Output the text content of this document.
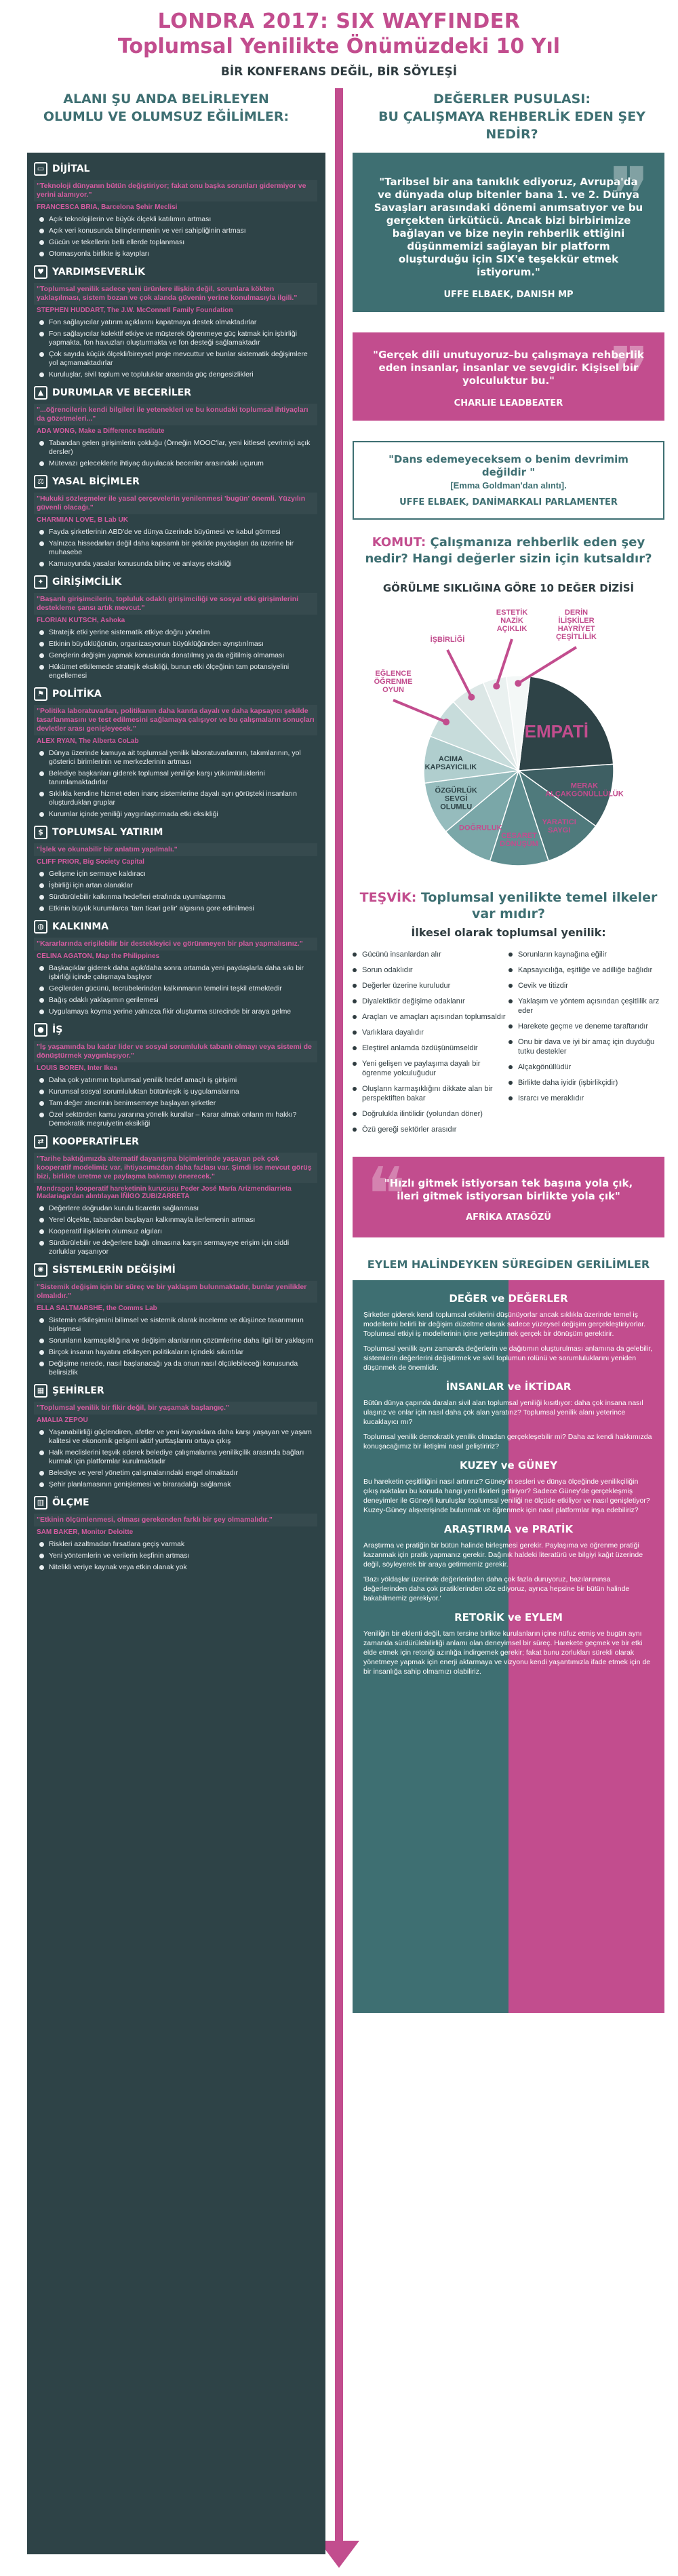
LONDRA 2017: SIX WAYFINDER
Toplumsal Yenilikte Önümüzdeki 10 Yıl
BİR KONFERANS DEĞİL, BİR SÖYLEŞİ
ALANI ŞU ANDA BELİRLEYEN
OLUMLU VE OLUMSUZ EĞİLİMLER:
DEĞERLER PUSULASI:
BU ÇALIŞMAYA REHBERLİK EDEN ŞEY NEDİR?
▭ DİJİTAL
"Teknoloji dünyanın bütün değiştiriyor; fakat onu başka sorunları gidermiyor ve yerini alamıyor."
FRANCESCA BRIA, Barcelona Şehir Meclisi
Açık teknolojilerin ve büyük ölçekli katılımın artması
Açık veri konusunda bilinçlenmenin ve veri sahipliğinin artması
Gücün ve tekellerin belli ellerde toplanması
Otomasyonla birlikte iş kayıpları
♥ YARDIMSEVERLİK
"Toplumsal yenilik sadece yeni ürünlere ilişkin değil, sorunlara kökten yaklaşılması, sistem bozan ve çok alanda güvenin yerine konulmasıyla ilgili."
STEPHEN HUDDART, The J.W. McConnell Family Foundation
Fon sağlayıcılar yatırım açıklarını kapatmaya destek olmaktadırlar
Fon sağlayıcılar kolektif etkiye ve müşterek öğrenmeye güç katmak için işbirliği yapmakta, fon havuzları oluşturmakta ve fon desteği sağlamaktadır
Çok sayıda küçük ölçekli/bireysel proje mevcuttur ve bunlar sistematik değişimlere yol açmamaktadırlar
Kuruluşlar, sivil toplum ve topluluklar arasında güç dengesizlikleri
▲ DURUMLAR VE BECERİLER
"...öğrencilerin kendi bilgileri ile yetenekleri ve bu konudaki toplumsal ihtiyaçları da gözetmeleri..."
ADA WONG, Make a Difference Institute
Tabandan gelen girişimlerin çokluğu (Örneğin MOOC'lar, yeni kitlesel çevrimiçi açık dersler)
Mütevazı geleceklerle ihtiyaç duyulacak beceriler arasındaki uçurum
⚖ YASAL BİÇİMLER
"Hukuki sözleşmeler ile yasal çerçevelerin yenilenmesi 'bugün' önemli. Yüzyılın güvenli olacağı."
CHARMIAN LOVE, B Lab UK
Fayda şirketlerinin ABD'de ve dünya üzerinde büyümesi ve kabul görmesi
Yalnızca hissedarları değil daha kapsamlı bir şekilde paydaşları da üzerine bir muhasebe
Kamuoyunda yasalar konusunda bilinç ve anlayış eksikliği
✦ GİRİŞİMCİLİK
"Başarılı girişimcilerin, topluluk odaklı girişimciliği ve sosyal etki girişimlerini destekleme şansı artık mevcut."
FLORIAN KUTSCH, Ashoka
Stratejik etki yerine sistematik etkiye doğru yönelim
Etkinin büyüklüğünün, organizasyonun büyüklüğünden ayrıştırılması
Gençlerin değişim yapmak konusunda donatılmış ya da eğitilmiş olmaması
Hükümet etkilemede stratejik eksikliği, bunun etki ölçeğinin tam potansiyelini engellemesi
⚑ POLİTİKA
"Politika laboratuvarları, politikanın daha kanıta dayalı ve daha kapsayıcı şekilde tasarlanmasını ve test edilmesini sağlamaya çalışıyor ve bu çalışmaların sonuçları devletler arası genişleyecek."
ALEX RYAN, The Alberta CoLab
Dünya üzerinde kamuya ait toplumsal yenilik laboratuvarlarının, takımlarının, yol gösterici birimlerinin ve merkezlerinin artması
Belediye başkanları giderek toplumsal yeniliğe karşı yükümlülüklerini tanımlamaktadırlar
Sıklıkla kendine hizmet eden inanç sistemlerine dayalı ayrı görüşteki insanların oluşturduklan gruplar
Kurumlar içinde yeniliği yaygınlaştırmada etki eksikliği
$ TOPLUMSAL YATIRIM
"İşlek ve okunabilir bir anlatım yapılmalı."
CLIFF PRIOR, Big Society Capital
Gelişme için sermaye kaldıracı
İşbirliği için artan olanaklar
Sürdürülebilir kalkınma hedefleri etrafında uyumlaştırma
Etkinin büyük kurumlarca 'tam ticari gelir' algısına gore edinilmesi
◍ KALKINMA
"Kararlarında erişilebilir bir destekleyici ve görünmeyen bir plan yapmalısınız."
CELINA AGATON, Map the Philippines
Başkaçıklar giderek daha açık/daha sonra ortamda yeni paydaşlarla daha sıkı bir işbirliği içinde çalışmaya başlıyor
Geçilerden gücünü, tecrübelerinden kalkınmanın temelini teşkil etmektedir
Bağış odaklı yaklaşımın gerilemesi
Uygulamaya koyma yerine yalnızca fikir oluşturma sürecinde bir araya gelme
● İŞ
"İş yaşamında bu kadar lider ve sosyal sorumluluk tabanlı olmayı veya sistemi de dönüştürmek yaygınlaşıyor."
LOUIS BOREN, Inter Ikea
Daha çok yatırımın toplumsal yenilik hedef amaçlı iş girişimi
Kurumsal sosyal sorumluluktan bütünleşik iş uygulamalarına
Tam değer zincirinin benimsemeye başlayan şirketler
Özel sektörden kamu yararına yönelik kurallar – Karar almak onların mı hakkı? Demokratik meşruiyetin eksikliği
⇄ KOOPERATİFLER
"Tarihe baktığımızda alternatif dayanışma biçimlerinde yaşayan pek çok kooperatif modelimiz var, ihtiyacımızdan daha fazlası var. Şimdi ise mevcut görüş bizi, birlikte üretme ve paylaşma bakmayı önerecek."
Mondragon kooperatif hareketinin kurucusu Peder José María Arizmendiarrieta Madariaga'dan alıntılayan İÑİGO ZUBIZARRETA
Değerlere doğrudan kurulu ticaretin sağlanması
Yerel ölçekte, tabandan başlayan kalkınmayla ilerlemenin artması
Kooperatif ilişkilerin olumsuz algıları
Sürdürülebilir ve değerlere bağlı olmasına karşın sermayeye erişim için ciddi zorluklar yaşanıyor
✺ SİSTEMLERİN DEĞİŞİMİ
"Sistemik değişim için bir süreç ve bir yaklaşım bulunmaktadır, bunlar yenilikler olmalıdır."
ELLA SALTMARSHE, the Comms Lab
Sistemin etkileşimini bilimsel ve sistemik olarak inceleme ve düşünce tasarımının birleşmesi
Sorunların karmaşıklığına ve değişim alanlarının çözümlerine daha ilgili bir yaklaşım
Birçok insanın hayatını etkileyen politikaların içindeki sıkıntılar
Değişime nerede, nasıl başlanacağı ya da onun nasıl ölçülebileceği konusunda belirsizlik
▦ ŞEHİRLER
"Toplumsal yenilik bir fikir değil, bir yaşamak başlangıç."
AMALIA ZEPOU
Yaşanabilirliği güçlendiren, afetler ve yeni kaynaklara daha karşı yaşayan ve yaşam kalitesi ve ekonomik gelişimi aktif yurttaşlarını ortaya çıkış
Halk meclislerini teşvik ederek belediye çalışmalarına yenilikçilik arasında bağları kurmak için platformlar kurulmaktadır
Belediye ve yerel yönetim çalışmalarındaki engel olmaktadır
Şehir planlamasının genişlemesi ve biraradalığı sağlamak
▥ ÖLÇME
"Etkinin ölçümlenmesi, olması gerekenden farklı bir şey olmamalıdır."
SAM BAKER, Monitor Deloitte
Riskleri azaltmadan fırsatlara geçiş varmak
Yeni yöntemlerin ve verilerin keşfinin artması
Nitelikli veriye kaynak veya etkin olanak yok
❞
"Taribsel bir ana tanıklık ediyoruz, Avrupa'da ve dünyada olup bitenler bana 1. ve 2. Dünya Savaşları arasındaki dönemi anımsatıyor ve bu gerçekten ürkütücü. Ancak bizi birbirimize bağlayan ve bize neyin rehberlik ettiğini düşünmemizi sağlayan bir platform oluşturduğu için SIX'e teşekkür etmek istiyorum."
UFFE ELBAEK, DANISH MP
❞
"Gerçek dili unutuyoruz–bu çalışmaya rehberlik eden insanlar, insanlar ve sevgidir. Kişisel bir yolculuktur bu."
CHARLIE LEADBEATER
"Dans edemeyeceksem o benim devrimim değildir "
[Emma Goldman'dan alıntı].
UFFE ELBAEK, DANİMARKALI PARLAMENTER
KOMUT: Çalışmanıza rehberlik eden şey nedir? Hangi değerler sizin için kutsaldır?
GÖRÜLME SIKLIĞINA GÖRE 10 DEĞER DİZİSİ
EMPATİ
MERAK ALÇAKGÖNÜLLÜLÜK
YARATICI SAYGI
CESARET DÖNÜŞÜM
DOĞRULUK
ÖZGÜRLÜK SEVGİ OLUMLU
ACIMA KAPSAYICILIK
EĞLENCE ÖĞRENME OYUN
İŞBİRLİĞİ
ESTETİK NAZİK AÇIKLIK
DERİN İLİŞKİLER HAYRİYET ÇEŞİTLİLİK
TEŞVİK: Toplumsal yenilikte temel ilkeler var mıdır?
İlkesel olarak toplumsal yenilik:
Gücünü insanlardan alır
Sorun odaklıdır
Değerler üzerine kuruludur
Diyalektiktir değişime odaklanır
Araçları ve amaçları açısından toplumsaldır
Varlıklara dayalıdır
Eleştirel anlamda özdüşünümseldir
Yeni gelişen ve paylaşıma dayalı bir ögrenme yolculuğudur
Oluşların karmaşıklığını dikkate alan bir perspektiften bakar
Doğrulukla ilintilidir (yolundan döner)
Özü gereği sektörler arasıdır
Sorunların kaynağına eğilir
Kapsayıcılığa, eşitliğe ve adilliğe bağlıdır
Cevik ve titizdir
Yaklaşım ve yöntem açısından çeşitlilik arz eder
Harekete geçme ve deneme taraftarıdır
Onu bir dava ve iyi bir amaç için duyduğu tutku destekler
Alçakgönüllüdür
Birlikte daha iyidir (işbirlikçidir)
Israrcı ve meraklıdır
❝
"Hızlı gitmek istiyorsan tek başına yola çık, ileri gitmek istiyorsan birlikte yola çık"
AFRİKA ATASÖZÜ
EYLEM HALİNDEYKEN SÜREGİDEN GERİLİMLER
DEĞER ve DEĞERLER

Şirketler giderek kendi toplumsal etkilerini düşünüyorlar ancak sıklıkla üzerinde temel iş modellerini belirli bir değişim düzeltme olarak sadece yüzeysel değişim gerçekleştiriyorlar. Toplumsal etkiyi iş modellerinin içine yerleştirmek gerçek bir dönüşüm gerektirir.

Toplumsal yenilik aynı zamanda değerlerin ve dağıtımın oluşturulması anlamına da gelebilir, sistemlerin değerlerini değiştirmek ve sivil toplumun rolünü ve sorumluluklarını yeniden düşünmek de önemlidir.

İNSANLAR ve İKTİDAR

Bütün dünya çapında daralan sivil alan toplumsal yeniliği kısıtlıyor: daha çok insana nasıl ulaşırız ve onlar için nasıl daha çok alan yaratırız? Toplumsal yenilik alanı yeterince kucaklayıcı mı?

Toplumsal yenilik demokratik yenilik olmadan gerçekleşebilir mi? Daha az kendi hakkımızda konuşacağımız bir iletişimi nasıl geliştiririz?

KUZEY ve GÜNEY

Bu hareketin çeşitliliğini nasıl artırırız? Güney'in sesleri ve dünya ölçeğinde yenilikçiliğin çıkış noktaları bu konuda hangi yeni fikirleri getiriyor? Sadece Güney'de gerçekleşmiş deneyimler ile Güneyli kuruluşlar toplumsal yeniliği ne ölçüde etkiliyor ve nasıl genişletiyor? Kuzey-Güney alışverişinde bulunmak ve öğrenmek için nasıl platformlar inşa edebiliriz?

ARAŞTIRMA ve PRATİK

Araştırma ve pratiğin bir bütün halinde birleşmesi gerekir. Paylaşıma ve öğrenme pratiği kazanmak için pratik yapmanız gerekir. Dağınık haldeki literatürü ve bilgiyi kağıt üzerinde değil, söyleyerek bir araya getirmemiz gerekir.

'Bazı yöldaşlar üzerinde değerlerinden daha çok fazla duruyoruz, bazılarınınsa değerlerinden daha çok pratiklerinden söz ediyoruz, ayrıca hepsine bir bütün halinde bakabilmemiz gerekiyor.'

RETORİK ve EYLEM

Yeniliğin bir eklenti değil, tam tersine birlikte kurulanların içine nüfuz etmiş ve bugün aynı zamanda sürdürülebilirliği anlamı olan deneyimsel bir süreç. Harekete geçmek ve bir etki elde etmek için retoriği azınlığa indirgemek gerekir; fakat bunu zorlukları sürekli olarak yönetmeye yapmak için enerji aktarmaya ve vizyonu kendi yaşantımızla ifade etmek için de bir insanlığa sahip olmamızı olabiliriz.
